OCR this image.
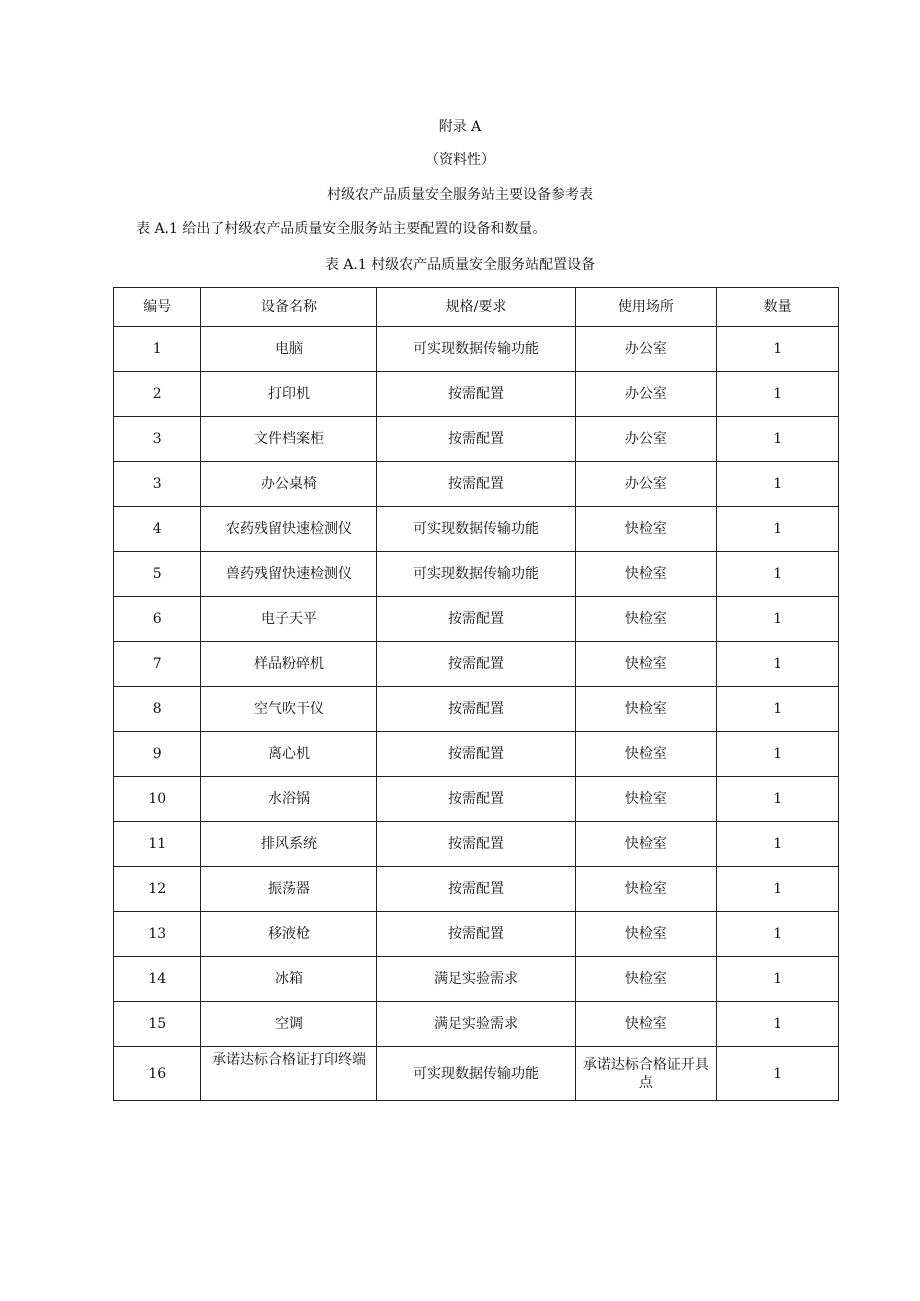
附录 A

（资料性）

村级农产品质量安全服务站主要设备参考表

表 A.1 给出了村级农产品质量安全服务站主要配置的设备和数量。

表 A.1 村级农产品质量安全服务站配置设备

编号	设备名称	规格/要求	使用场所	数量
1	电脑	可实现数据传输功能	办公室	1
2	打印机	按需配置	办公室	1
3	文件档案柜	按需配置	办公室	1
3	办公桌椅	按需配置	办公室	1
4	农药残留快速检测仪	可实现数据传输功能	快检室	1
5	兽药残留快速检测仪	可实现数据传输功能	快检室	1
6	电子天平	按需配置	快检室	1
7	样品粉碎机	按需配置	快检室	1
8	空气吹干仪	按需配置	快检室	1
9	离心机	按需配置	快检室	1
10	水浴锅	按需配置	快检室	1
11	排风系统	按需配置	快检室	1
12	振荡器	按需配置	快检室	1
13	移液枪	按需配置	快检室	1
14	冰箱	满足实验需求	快检室	1
15	空调	满足实验需求	快检室	1
16	承诺达标合格证打印终端	可实现数据传输功能	承诺达标合格证开具点	1
